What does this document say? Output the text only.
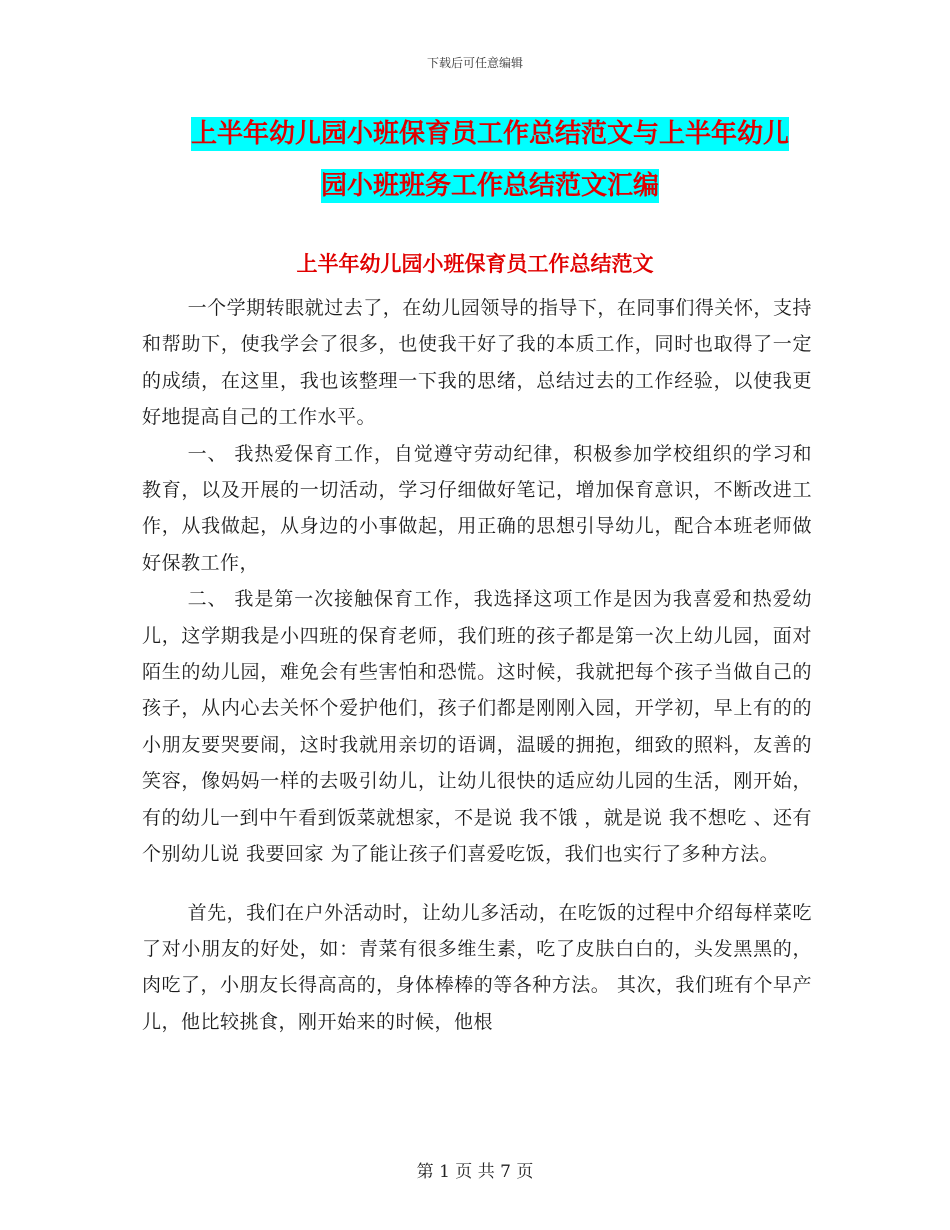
下载后可任意编辑
上半年幼儿园小班保育员工作总结范文与上半年幼儿
园小班班务工作总结范文汇编
上半年幼儿园小班保育员工作总结范文

一个学期转眼就过去了，在幼儿园领导的指导下，在同事们得关怀，支持和帮助下，使我学会了很多，也使我干好了我的本质工作，同时也取得了一定的成绩，在这里，我也该整理一下我的思绪，总结过去的工作经验，以使我更好地提高自己的工作水平。

一、 我热爱保育工作，自觉遵守劳动纪律，积极参加学校组织的学习和教育，以及开展的一切活动，学习仔细做好笔记，增加保育意识，不断改进工作，从我做起，从身边的小事做起，用正确的思想引导幼儿，配合本班老师做好保教工作，

二、 我是第一次接触保育工作，我选择这项工作是因为我喜爱和热爱幼儿，这学期我是小四班的保育老师，我们班的孩子都是第一次上幼儿园，面对陌生的幼儿园，难免会有些害怕和恐慌。这时候，我就把每个孩子当做自己的孩子，从内心去关怀个爱护他们，孩子们都是刚刚入园，开学初，早上有的的小朋友要哭要闹，这时我就用亲切的语调，温暖的拥抱，细致的照料，友善的笑容，像妈妈一样的去吸引幼儿，让幼儿很快的适应幼儿园的生活，刚开始，有的幼儿一到中午看到饭菜就想家，不是说 我不饿 ，就是说 我不想吃 、还有个别幼儿说 我要回家 为了能让孩子们喜爱吃饭，我们也实行了多种方法。

首先，我们在户外活动时，让幼儿多活动，在吃饭的过程中介绍每样菜吃了对小朋友的好处，如：青菜有很多维生素，吃了皮肤白白的，头发黑黑的，肉吃了，小朋友长得高高的，身体棒棒的等各种方法。 其次，我们班有个早产儿，他比较挑食，刚开始来的时候，他根

第 1 页 共 7 页
